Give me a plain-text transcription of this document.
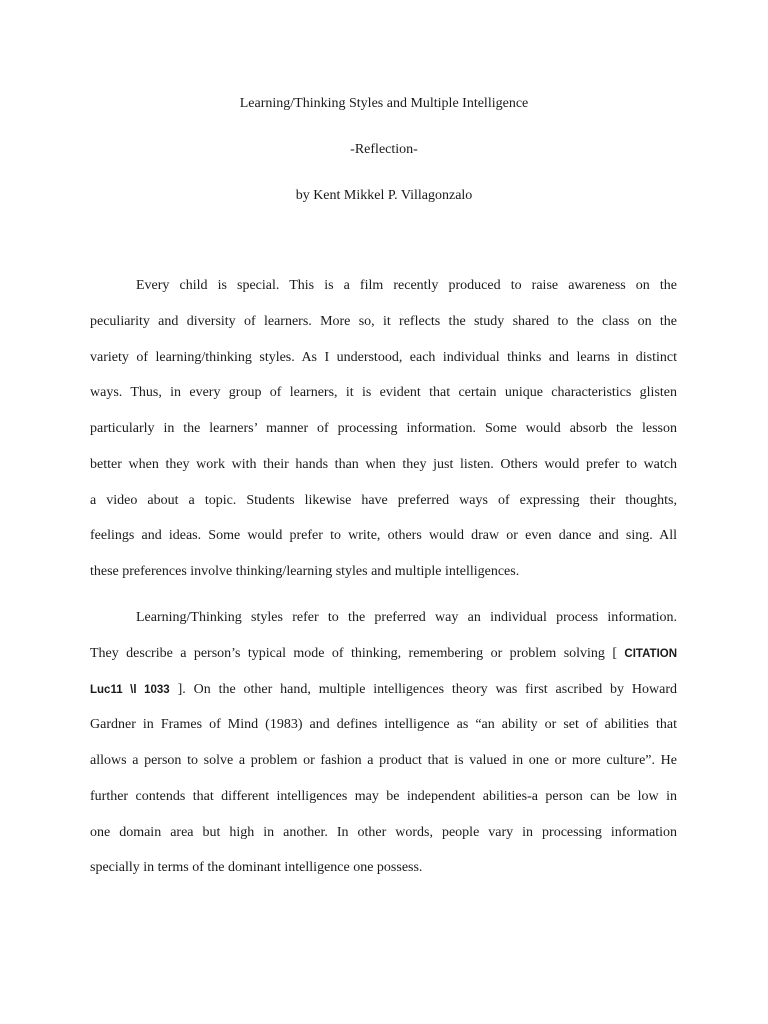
Learning/Thinking Styles and Multiple Intelligence
-Reflection-
by Kent Mikkel P. Villagonzalo
Every child is special. This is a film recently produced to raise awareness on the
peculiarity and diversity of learners. More so, it reflects the study shared to the class on the
variety of learning/thinking styles. As I understood, each individual thinks and learns in distinct
ways. Thus, in every group of learners, it is evident that certain unique characteristics glisten
particularly in the learners’ manner of processing information. Some would absorb the lesson
better when they work with their hands than when they just listen. Others would prefer to watch
a video about a topic. Students likewise have preferred ways of expressing their thoughts,
feelings and ideas. Some would prefer to write, others would draw or even dance and sing. All
these preferences involve thinking/learning styles and multiple intelligences.
Learning/Thinking styles refer to the preferred way an individual process information.
They describe a person’s typical mode of thinking, remembering or problem solving [ CITATION
Luc11 \l 1033 ]. On the other hand, multiple intelligences theory was first ascribed by Howard
Gardner in Frames of Mind (1983) and defines intelligence as “an ability or set of abilities that
allows a person to solve a problem or fashion a product that is valued in one or more culture”. He
further contends that different intelligences may be independent abilities-a person can be low in
one domain area but high in another. In other words, people vary in processing information
specially in terms of the dominant intelligence one possess.
